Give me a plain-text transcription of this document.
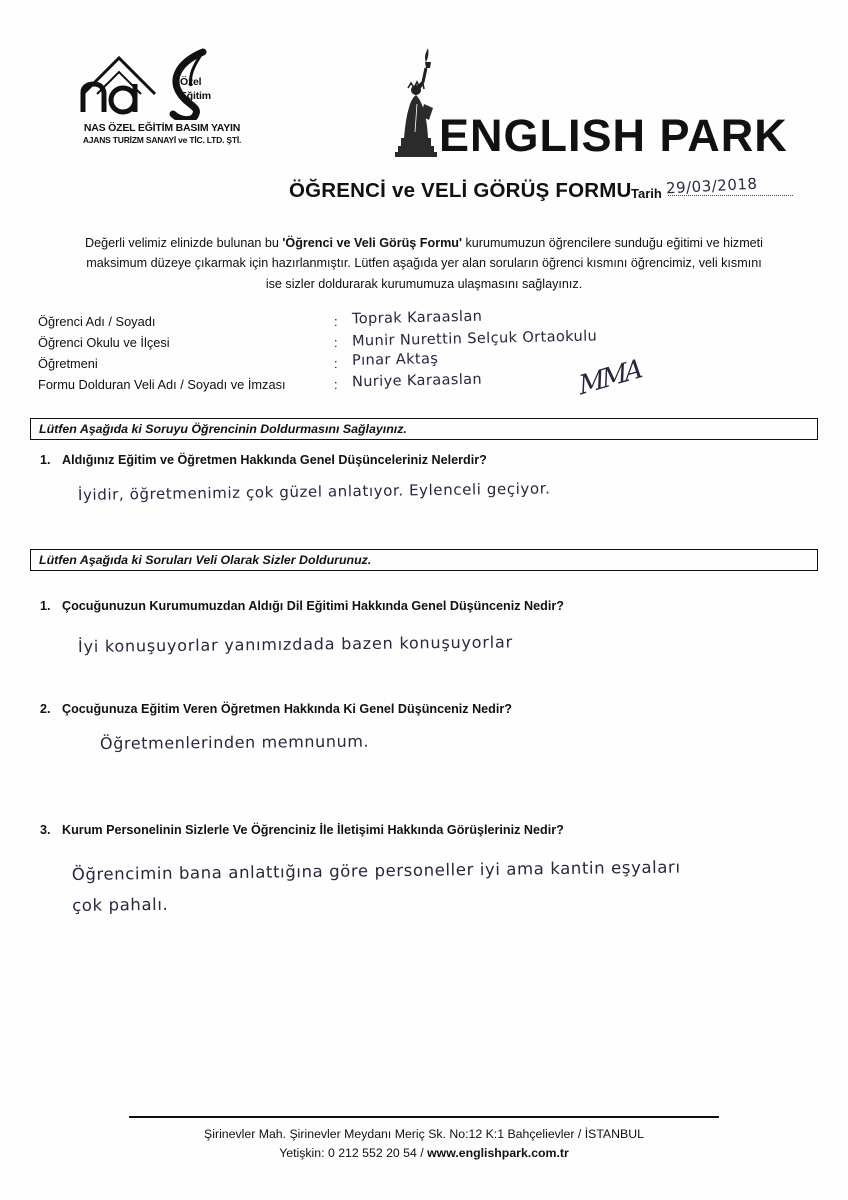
Özel
Eğitim
NAS ÖZEL EĞİTİM BASIM YAYIN
AJANS TURİZM SANAYİ ve TİC. LTD. ŞTİ.	ENGLISH PARK
ÖĞRENCİ ve VELİ GÖRÜŞ FORMU Tarih 29/03/2018
Değerli velimiz elinizde bulunan bu 'Öğrenci ve Veli Görüş Formu' kurumumuzun öğrencilere sunduğu eğitimi ve hizmeti
maksimum düzeye çıkarmak için hazırlanmıştır. Lütfen aşağıda yer alan soruların öğrenci kısmını öğrencimiz, veli kısmını
ise sizler doldurarak kurumumuza ulaşmasını sağlayınız.
Öğrenci Adı / Soyadı	: Toprak Karaaslan
Öğrenci Okulu ve İlçesi	: Munir Nurettin Selçuk Ortaokulu
Öğretmeni	: Pınar Aktaş
Formu Dolduran Veli Adı / Soyadı ve İmzası	: Nuriye Karaaslan	MMA
Lütfen Aşağıda ki Soruyu Öğrencinin Doldurmasını Sağlayınız.
1. Aldığınız Eğitim ve Öğretmen Hakkında Genel Düşünceleriniz Nelerdir?
İyidir, öğretmenimiz çok güzel anlatıyor. Eylenceli geçiyor.
Lütfen Aşağıda ki Soruları Veli Olarak Sizler Doldurunuz.
1. Çocuğunuzun Kurumumuzdan Aldığı Dil Eğitimi Hakkında Genel Düşünceniz Nedir?
İyi konuşuyorlar yanımızdada bazen konuşuyorlar
2. Çocuğunuza Eğitim Veren Öğretmen Hakkında Ki Genel Düşünceniz Nedir?
Öğretmenlerinden memnunum.
3. Kurum Personelinin Sizlerle Ve Öğrenciniz İle İletişimi Hakkında Görüşleriniz Nedir?
Öğrencimin bana anlattığına göre personeller iyi ama kantin eşyaları
çok pahalı.
Şirinevler Mah. Şirinevler Meydanı Meriç Sk. No:12 K:1 Bahçelievler / İSTANBUL
Yetişkin: 0 212 552 20 54 / www.englishpark.com.tr
